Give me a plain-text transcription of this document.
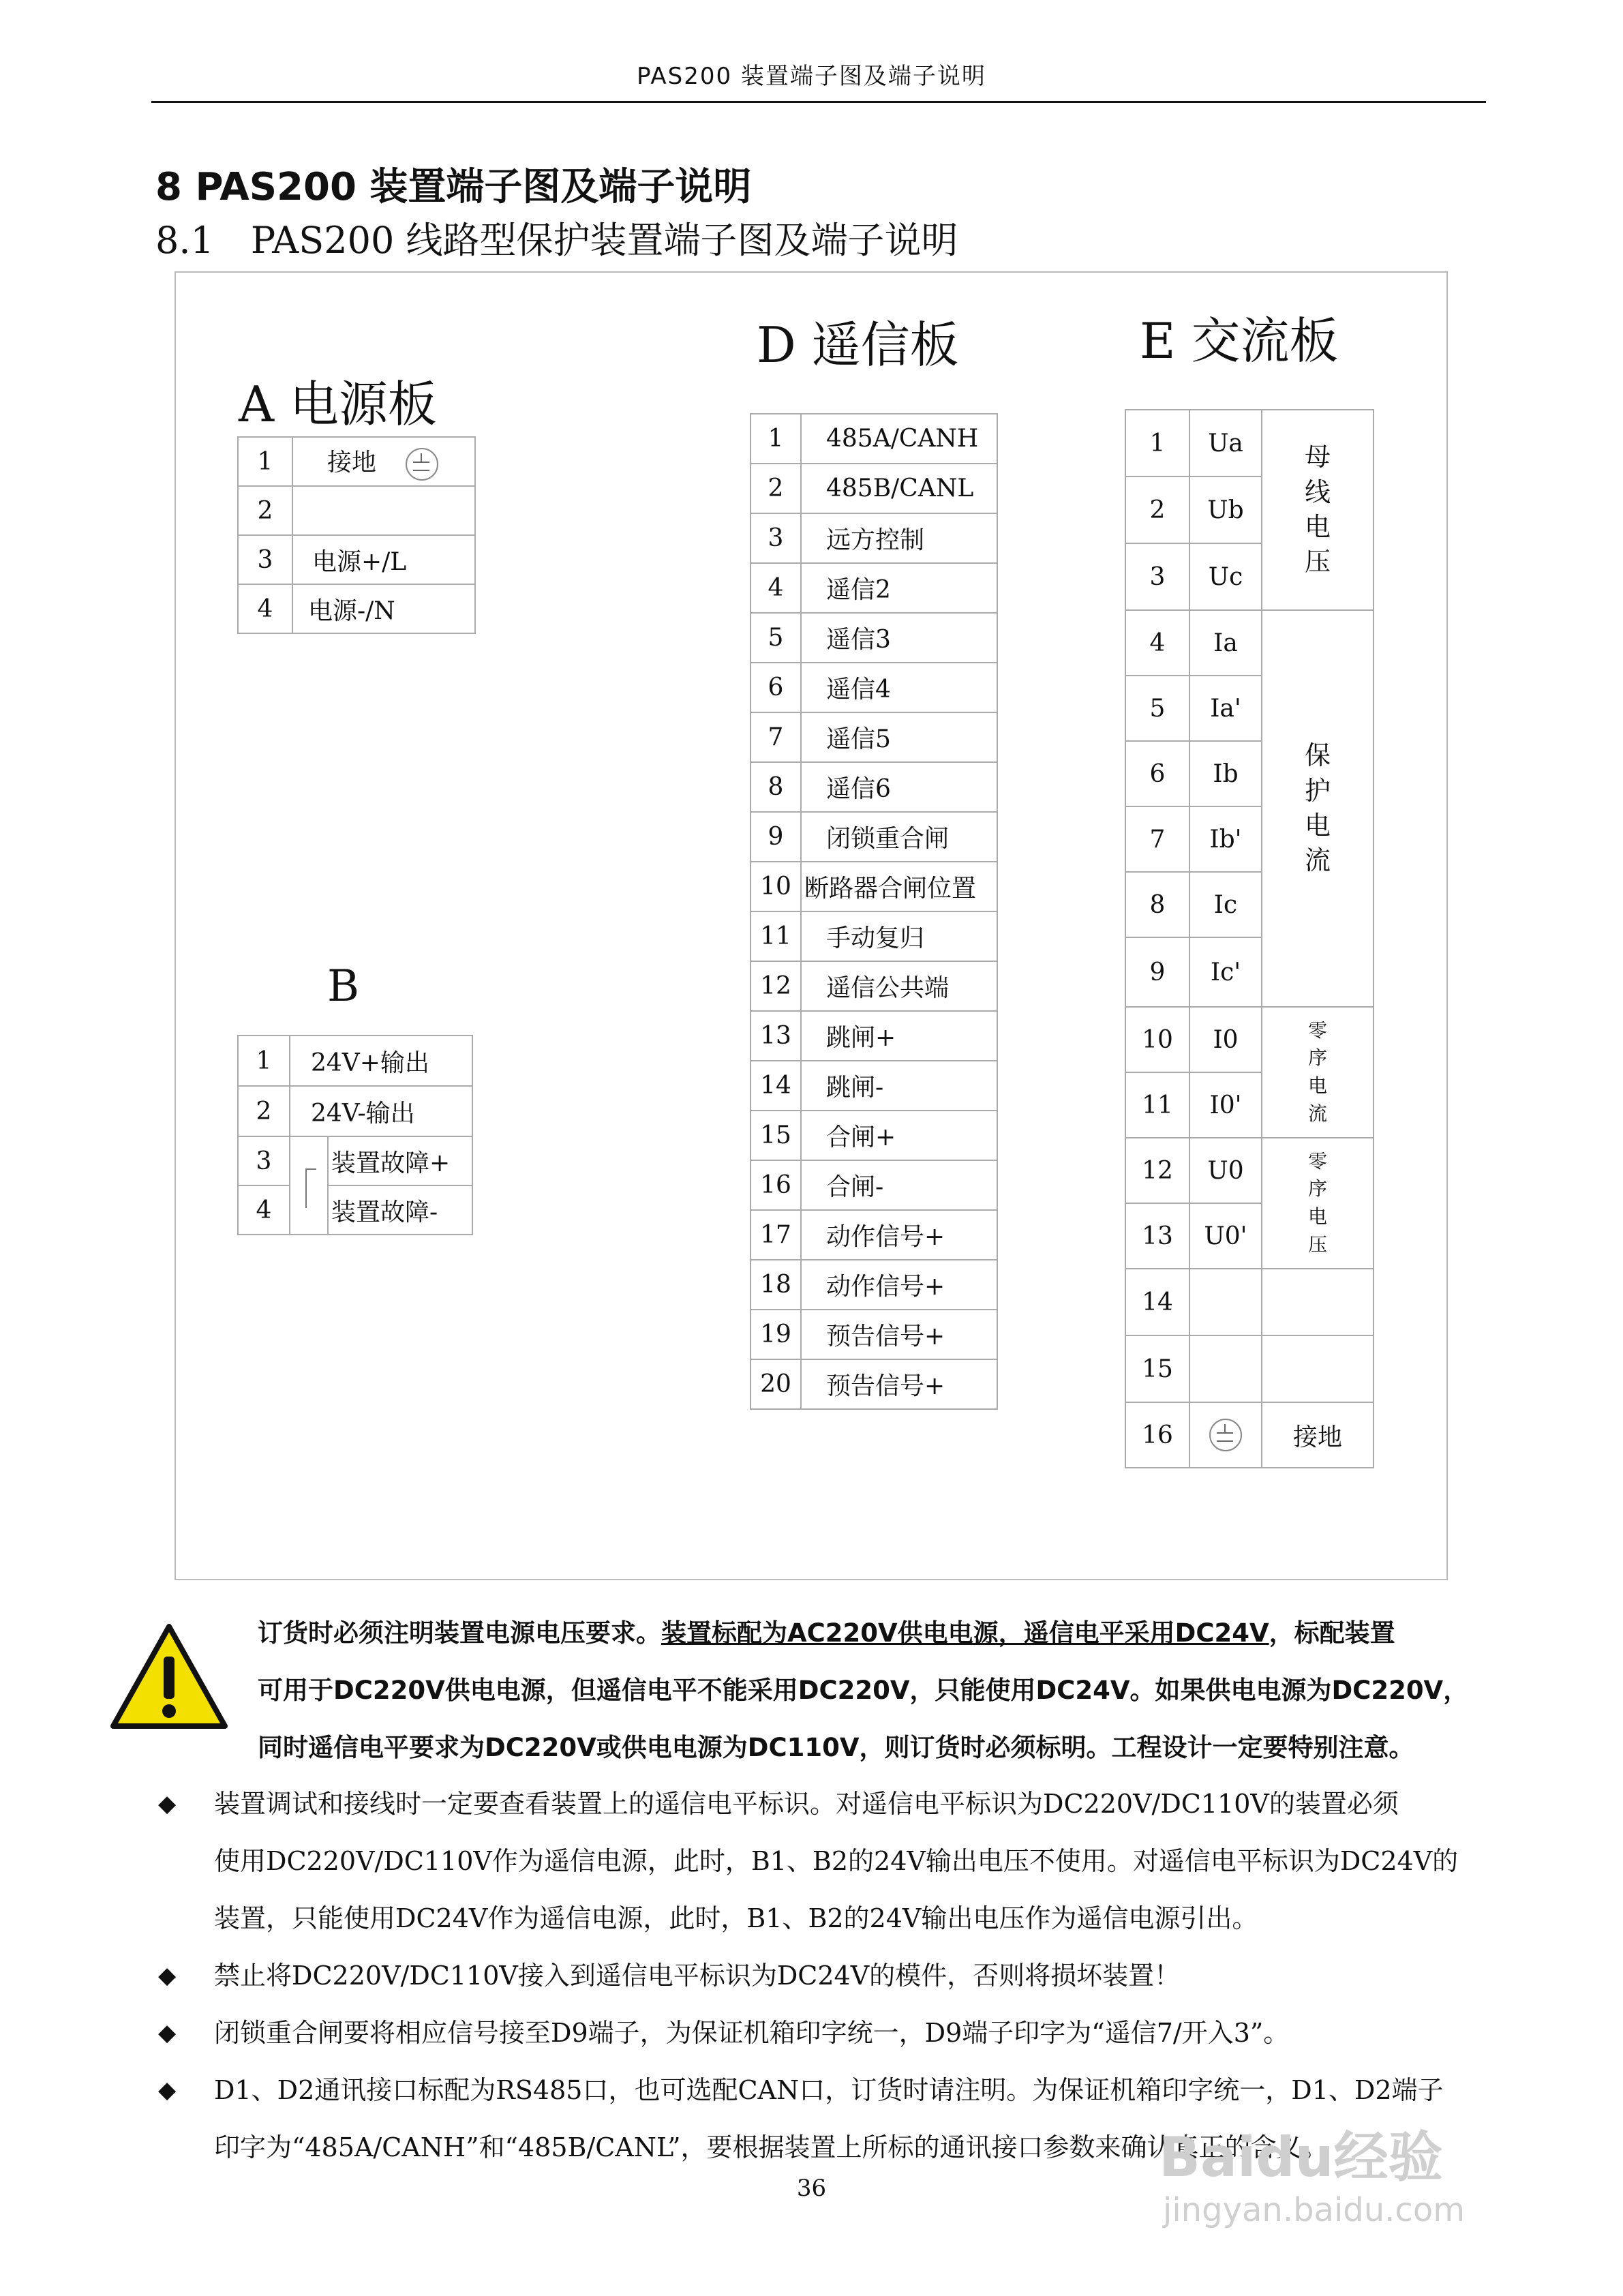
PAS200 装置端子图及端子说明
8 PAS200 装置端子图及端子说明
8.1　PAS200 线路型保护装置端子图及端子说明
A 电源板
1	接地
2	
3	电源+/L
4	电源-/N
B
1	24V+输出	
2	24V-输出	
3		装置故障+
4		装置故障-
D 遥信板
1	485A/CANH
2	485B/CANL
3	远方控制
4	遥信2
5	遥信3
6	遥信4
7	遥信5
8	遥信6
9	闭锁重合闸
10	断路器合闸位置
11	手动复归
12	遥信公共端
13	跳闸+
14	跳闸-
15	合闸+
16	合闸-
17	动作信号+
18	动作信号+
19	预告信号+
20	预告信号+
E 交流板
1	Ua	母线电压

2	Ub	
3	Uc	
4	Ia	保护电流

5	Ia'	
6	Ib	
7	Ib'	
8	Ic	
9	Ic'	
10	I0	零序电流

11	I0'	
12	U0	零序电压

13	U0'	
14		
15		
16		接地
订货时必须注明装置电源电压要求。装置标配为AC220V供电电源，遥信电平采用DC24V，标配装置
可用于DC220V供电电源，但遥信电平不能采用DC220V，只能使用DC24V。如果供电电源为DC220V，
同时遥信电平要求为DC220V或供电电源为DC110V，则订货时必须标明。工程设计一定要特别注意。
◆ 装置调试和接线时一定要查看装置上的遥信电平标识。对遥信电平标识为DC220V/DC110V的装置必须
使用DC220V/DC110V作为遥信电源，此时，B1、B2的24V输出电压不使用。对遥信电平标识为DC24V的
装置，只能使用DC24V作为遥信电源，此时，B1、B2的24V输出电压作为遥信电源引出。
◆ 禁止将DC220V/DC110V接入到遥信电平标识为DC24V的模件，否则将损坏装置！
◆ 闭锁重合闸要将相应信号接至D9端子，为保证机箱印字统一，D9端子印字为“遥信7/开入3”。
◆ D1、D2通讯接口标配为RS485口，也可选配CAN口，订货时请注明。为保证机箱印字统一，D1、D2端子
印字为“485A/CANH”和“485B/CANL”，要根据装置上所标的通讯接口参数来确认真正的含义。
36	Baidu经验
jingyan.baidu.com
